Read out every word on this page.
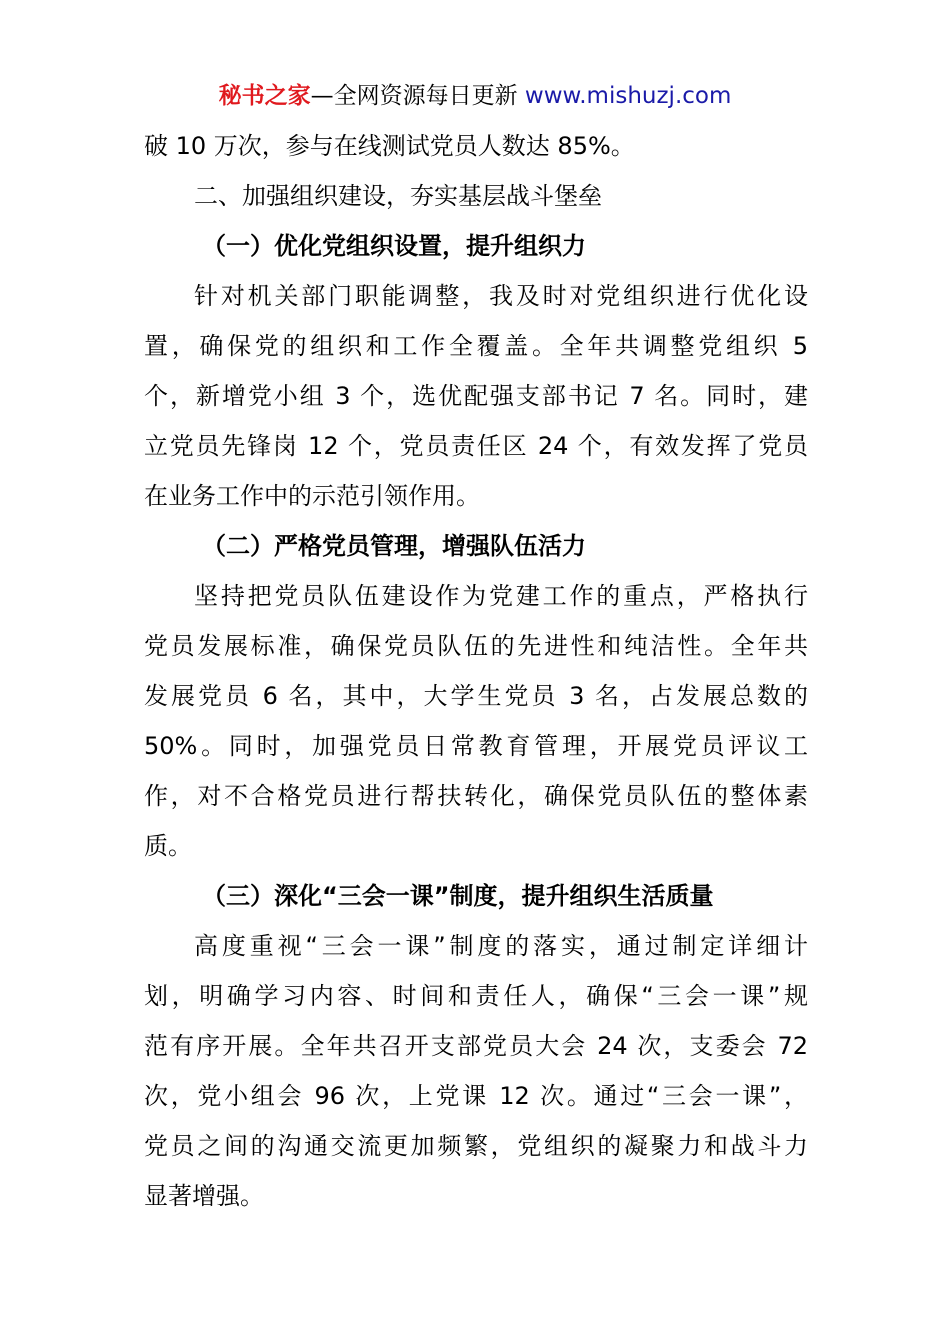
秘书之家—全网资源每日更新 www.mishuzj.com
破 10 万次，参与在线测试党员人数达 85%。
二、加强组织建设，夯实基层战斗堡垒
（一）优化党组织设置，提升组织力
针对机关部门职能调整，我及时对党组织进行优化设
置，确保党的组织和工作全覆盖。全年共调整党组织 5
个，新增党小组 3 个，选优配强支部书记 7 名。同时，建
立党员先锋岗 12 个，党员责任区 24 个，有效发挥了党员
在业务工作中的示范引领作用。
（二）严格党员管理，增强队伍活力
坚持把党员队伍建设作为党建工作的重点，严格执行
党员发展标准，确保党员队伍的先进性和纯洁性。全年共
发展党员 6 名，其中，大学生党员 3 名，占发展总数的
50%。同时，加强党员日常教育管理，开展党员评议工
作，对不合格党员进行帮扶转化，确保党员队伍的整体素
质。
（三）深化“三会一课”制度，提升组织生活质量
高度重视“三会一课”制度的落实，通过制定详细计
划，明确学习内容、时间和责任人，确保“三会一课”规
范有序开展。全年共召开支部党员大会 24 次，支委会 72
次，党小组会 96 次，上党课 12 次。通过“三会一课”，
党员之间的沟通交流更加频繁，党组织的凝聚力和战斗力
显著增强。
